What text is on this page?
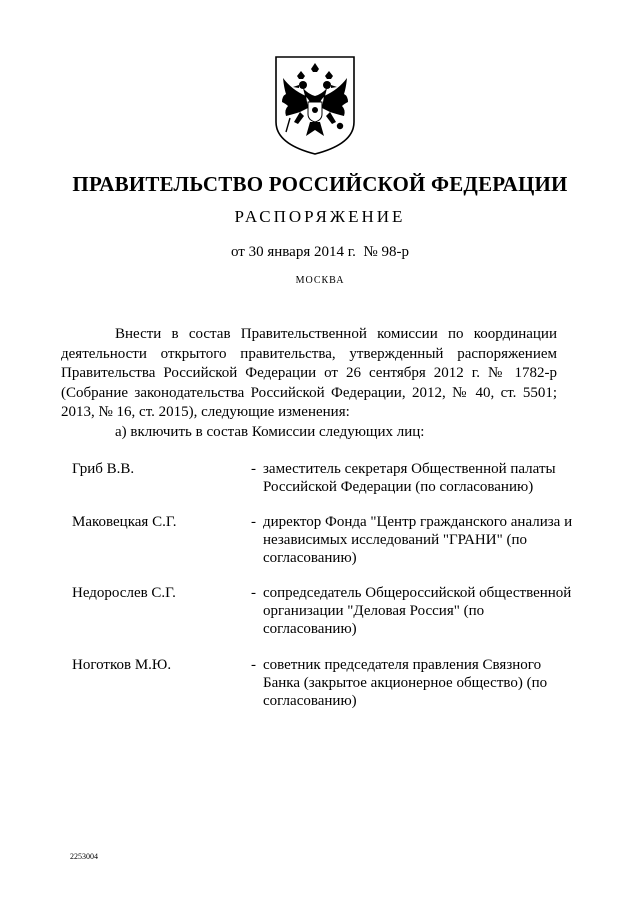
ПРАВИТЕЛЬСТВО РОССИЙСКОЙ ФЕДЕРАЦИИ
РАСПОРЯЖЕНИЕ
от 30 января 2014 г.  № 98-р
МОСКВА

Внести в состав Правительственной комиссии по координации деятельности открытого правительства, утвержденный распоряжением Правительства Российской Федерации от 26 сентября 2012 г. № 1782-р (Собрание законодательства Российской Федерации, 2012, № 40, ст. 5501; 2013, № 16, ст. 2015), следующие изменения:

а) включить в состав Комиссии следующих лиц:

Гриб В.В.	- заместитель секретаря Общественной палаты Российской Федерации (по согласованию)
Маковецкая С.Г.	- директор Фонда "Центр гражданского анализа и независимых исследований "ГРАНИ" (по согласованию)
Недорослев С.Г.	- сопредседатель Общероссийской общественной организации "Деловая Россия" (по согласованию)
Ноготков М.Ю.	- советник председателя правления Связного Банка (закрытое акционерное общество) (по согласованию)
2253004
